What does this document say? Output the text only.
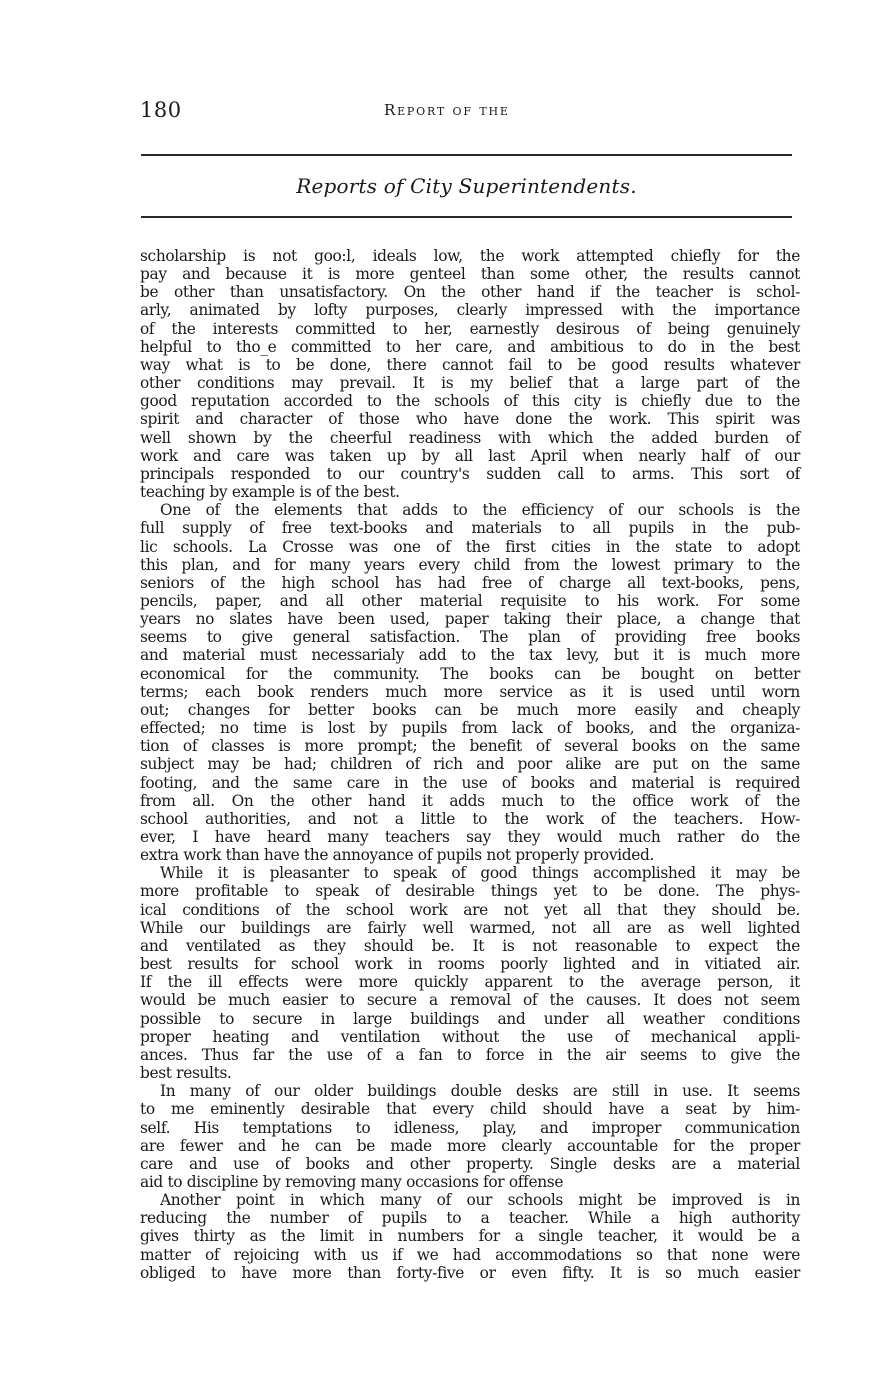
180	Report of the
Reports of City Superintendents.
scholarship is not goo:l, ideals low, the work attempted chiefly for the
pay and because it is more genteel than some other, the results cannot
be other than unsatisfactory. On the other hand if the teacher is schol-
arly, animated by lofty purposes, clearly impressed with the importance
of the interests committed to her, earnestly desirous of being genuinely
helpful to tho_e committed to her care, and ambitious to do in the best
way what is to be done, there cannot fail to be good results whatever
other conditions may prevail. It is my belief that a large part of the
good reputation accorded to the schools of this city is chiefly due to the
spirit and character of those who have done the work. This spirit was
well shown by the cheerful readiness with which the added burden of
work and care was taken up by all last April when nearly half of our
principals responded to our country's sudden call to arms. This sort of
teaching by example is of the best.
One of the elements that adds to the efficiency of our schools is the
full supply of free text-books and materials to all pupils in the pub-
lic schools. La Crosse was one of the first cities in the state to adopt
this plan, and for many years every child from the lowest primary to the
seniors of the high school has had free of charge all text-books, pens,
pencils, paper, and all other material requisite to his work. For some
years no slates have been used, paper taking their place, a change that
seems to give general satisfaction. The plan of providing free books
and material must necessarialy add to the tax levy, but it is much more
economical for the community. The books can be bought on better
terms; each book renders much more service as it is used until worn
out; changes for better books can be much more easily and cheaply
effected; no time is lost by pupils from lack of books, and the organiza-
tion of classes is more prompt; the benefit of several books on the same
subject may be had; children of rich and poor alike are put on the same
footing, and the same care in the use of books and material is required
from all. On the other hand it adds much to the office work of the
school authorities, and not a little to the work of the teachers. How-
ever, I have heard many teachers say they would much rather do the
extra work than have the annoyance of pupils not properly provided.
While it is pleasanter to speak of good things accomplished it may be
more profitable to speak of desirable things yet to be done. The phys-
ical conditions of the school work are not yet all that they should be.
While our buildings are fairly well warmed, not all are as well lighted
and ventilated as they should be. It is not reasonable to expect the
best results for school work in rooms poorly lighted and in vitiated air.
If the ill effects were more quickly apparent to the average person, it
would be much easier to secure a removal of the causes. It does not seem
possible to secure in large buildings and under all weather conditions
proper heating and ventilation without the use of mechanical appli-
ances. Thus far the use of a fan to force in the air seems to give the
best results.
In many of our older buildings double desks are still in use. It seems
to me eminently desirable that every child should have a seat by him-
self. His temptations to idleness, play, and improper communication
are fewer and he can be made more clearly accountable for the proper
care and use of books and other property. Single desks are a material
aid to discipline by removing many occasions for offense
Another point in which many of our schools might be improved is in
reducing the number of pupils to a teacher. While a high authority
gives thirty as the limit in numbers for a single teacher, it would be a
matter of rejoicing with us if we had accommodations so that none were
obliged to have more than forty-five or even fifty. It is so much easier
